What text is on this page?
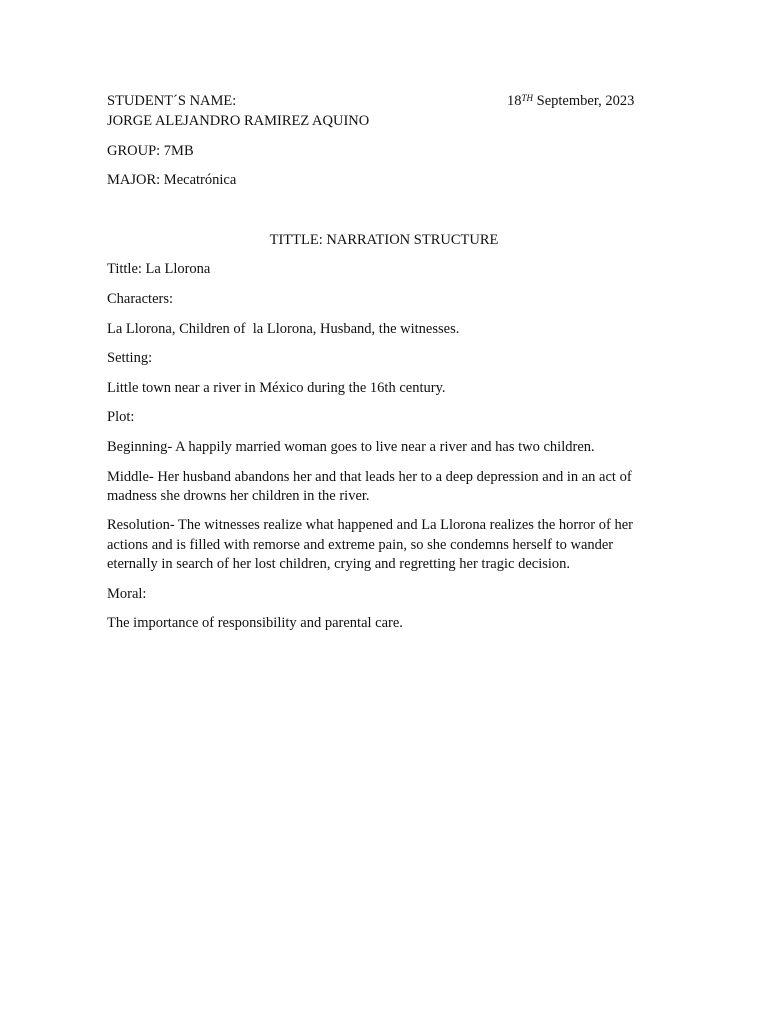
STUDENT´S NAME:	18TH September, 2023
JORGE ALEJANDRO RAMIREZ AQUINO
GROUP: 7MB
MAJOR: Mecatrónica
TITTLE: NARRATION STRUCTURE
Tittle: La Llorona
Characters:
La Llorona, Children of  la Llorona, Husband, the witnesses.
Setting:
Little town near a river in México during the 16th century.
Plot:
Beginning- A happily married woman goes to live near a river and has two children.
Middle- Her husband abandons her and that leads her to a deep depression and in an act of
madness she drowns her children in the river.
Resolution- The witnesses realize what happened and La Llorona realizes the horror of her
actions and is filled with remorse and extreme pain, so she condemns herself to wander
eternally in search of her lost children, crying and regretting her tragic decision.
Moral:
The importance of responsibility and parental care.
